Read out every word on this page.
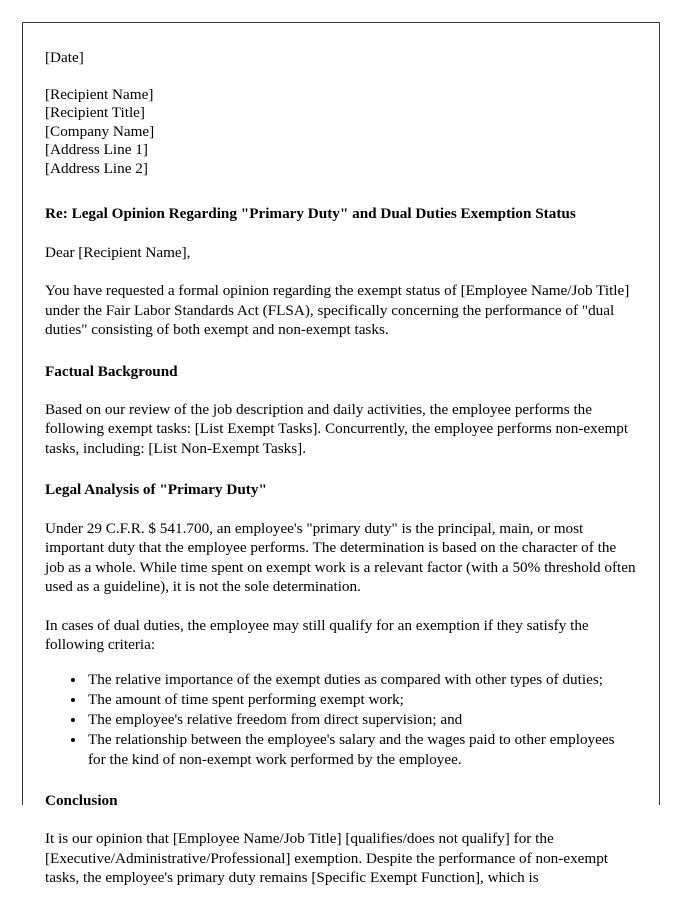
[Date]

[Recipient Name]

[Recipient Title]

[Company Name]

[Address Line 1]

[Address Line 2]

Re: Legal Opinion Regarding "Primary Duty" and Dual Duties Exemption Status

Dear [Recipient Name],

You have requested a formal opinion regarding the exempt status of [Employee Name/Job Title] under the Fair Labor Standards Act (FLSA), specifically concerning the performance of "dual duties" consisting of both exempt and non-exempt tasks.

Factual Background

Based on our review of the job description and daily activities, the employee performs the following exempt tasks: [List Exempt Tasks]. Concurrently, the employee performs non-exempt tasks, including: [List Non-Exempt Tasks].

Legal Analysis of "Primary Duty"

Under 29 C.F.R. $ 541.700, an employee's "primary duty" is the principal, main, or most important duty that the employee performs. The determination is based on the character of the job as a whole. While time spent on exempt work is a relevant factor (with a 50% threshold often used as a guideline), it is not the sole determination.

In cases of dual duties, the employee may still qualify for an exemption if they satisfy the following criteria:

• The relative importance of the exempt duties as compared with other types of duties;
• The amount of time spent performing exempt work;
• The employee's relative freedom from direct supervision; and
• The relationship between the employee's salary and the wages paid to other employees for the kind of non-exempt work performed by the employee.

Conclusion

It is our opinion that [Employee Name/Job Title] [qualifies/does not qualify] for the [Executive/Administrative/Professional] exemption. Despite the performance of non-exempt tasks, the employee's primary duty remains [Specific Exempt Function], which is
